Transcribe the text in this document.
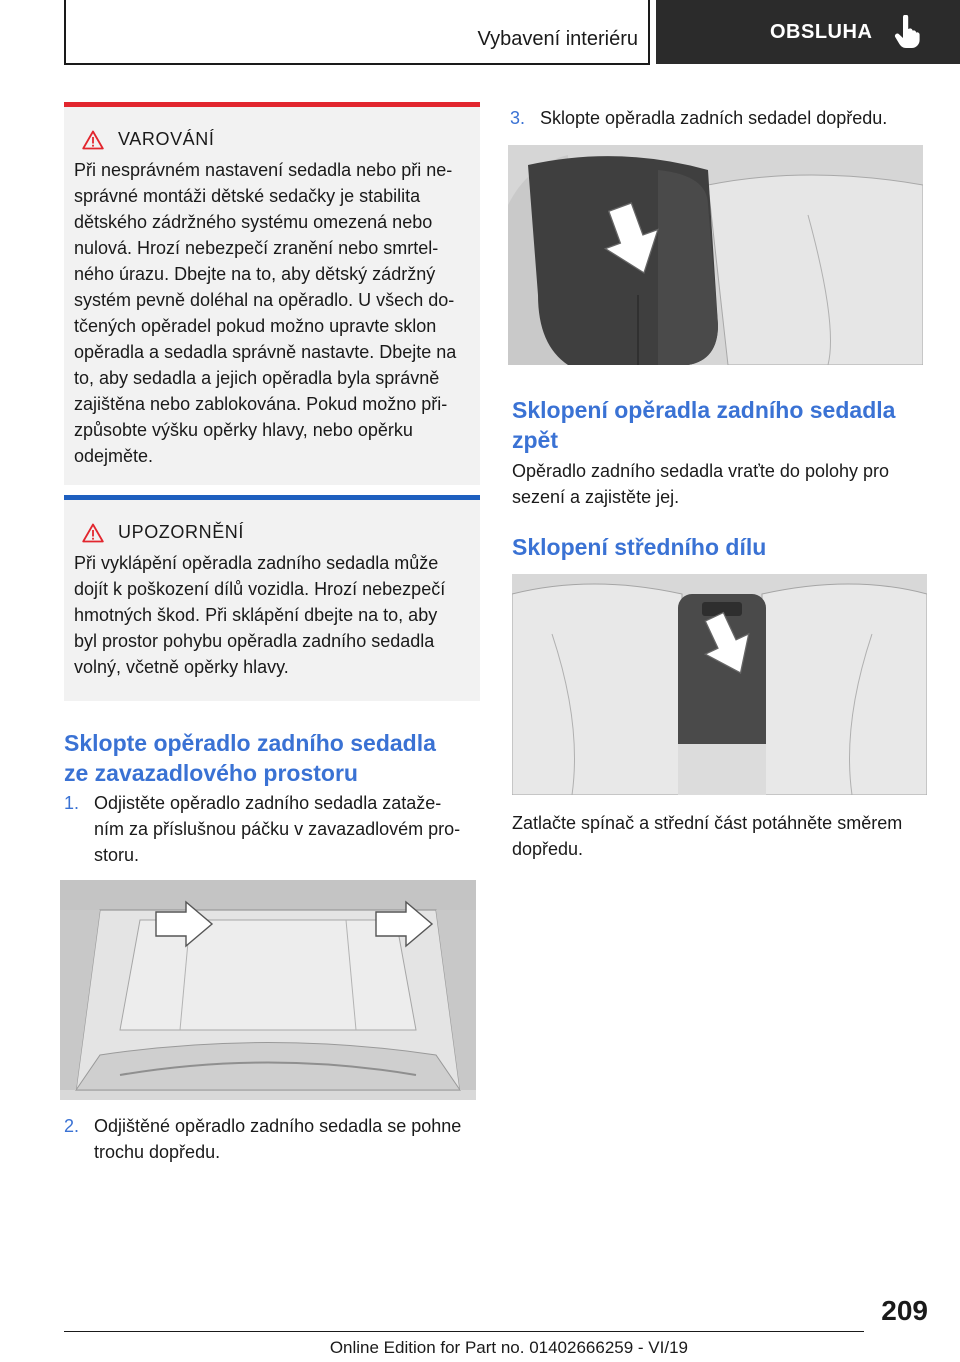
Vybavení interiéru	OBSLUHA
VAROVÁNÍ
Při nesprávném nastavení sedadla nebo při ne-
správné montáži dětské sedačky je stabilita
dětského zádržného systému omezená nebo
nulová. Hrozí nebezpečí zranění nebo smrtel-
ného úrazu. Dbejte na to, aby dětský zádržný
systém pevně doléhal na opěradlo. U všech do-
tčených opěradel pokud možno upravte sklon
opěradla a sedadla správně nastavte. Dbejte na
to, aby sedadla a jejich opěradla byla správně
zajištěna nebo zablokována. Pokud možno při-
způsobte výšku opěrky hlavy, nebo opěrku
odejměte.
UPOZORNĚNÍ
Při vyklápění opěradla zadního sedadla může
dojít k poškození dílů vozidla. Hrozí nebezpečí
hmotných škod. Při sklápění dbejte na to, aby
byl prostor pohybu opěradla zadního sedadla
volný, včetně opěrky hlavy.
Sklopte opěradlo zadního sedadla
ze zavazadlového prostoru
1. Odjistěte opěradlo zadního sedadla zataže-
ním za příslušnou páčku v zavazadlovém pro-
storu.
2. Odjištěné opěradlo zadního sedadla se pohne
trochu dopředu.
3. Sklopte opěradla zadních sedadel dopředu.
Sklopení opěradla zadního sedadla
zpět
Opěradlo zadního sedadla vraťte do polohy pro
sezení a zajistěte jej.
Sklopení středního dílu
Zatlačte spínač a střední část potáhněte směrem
dopředu.
209
Online Edition for Part no. 01402666259 - VI/19
